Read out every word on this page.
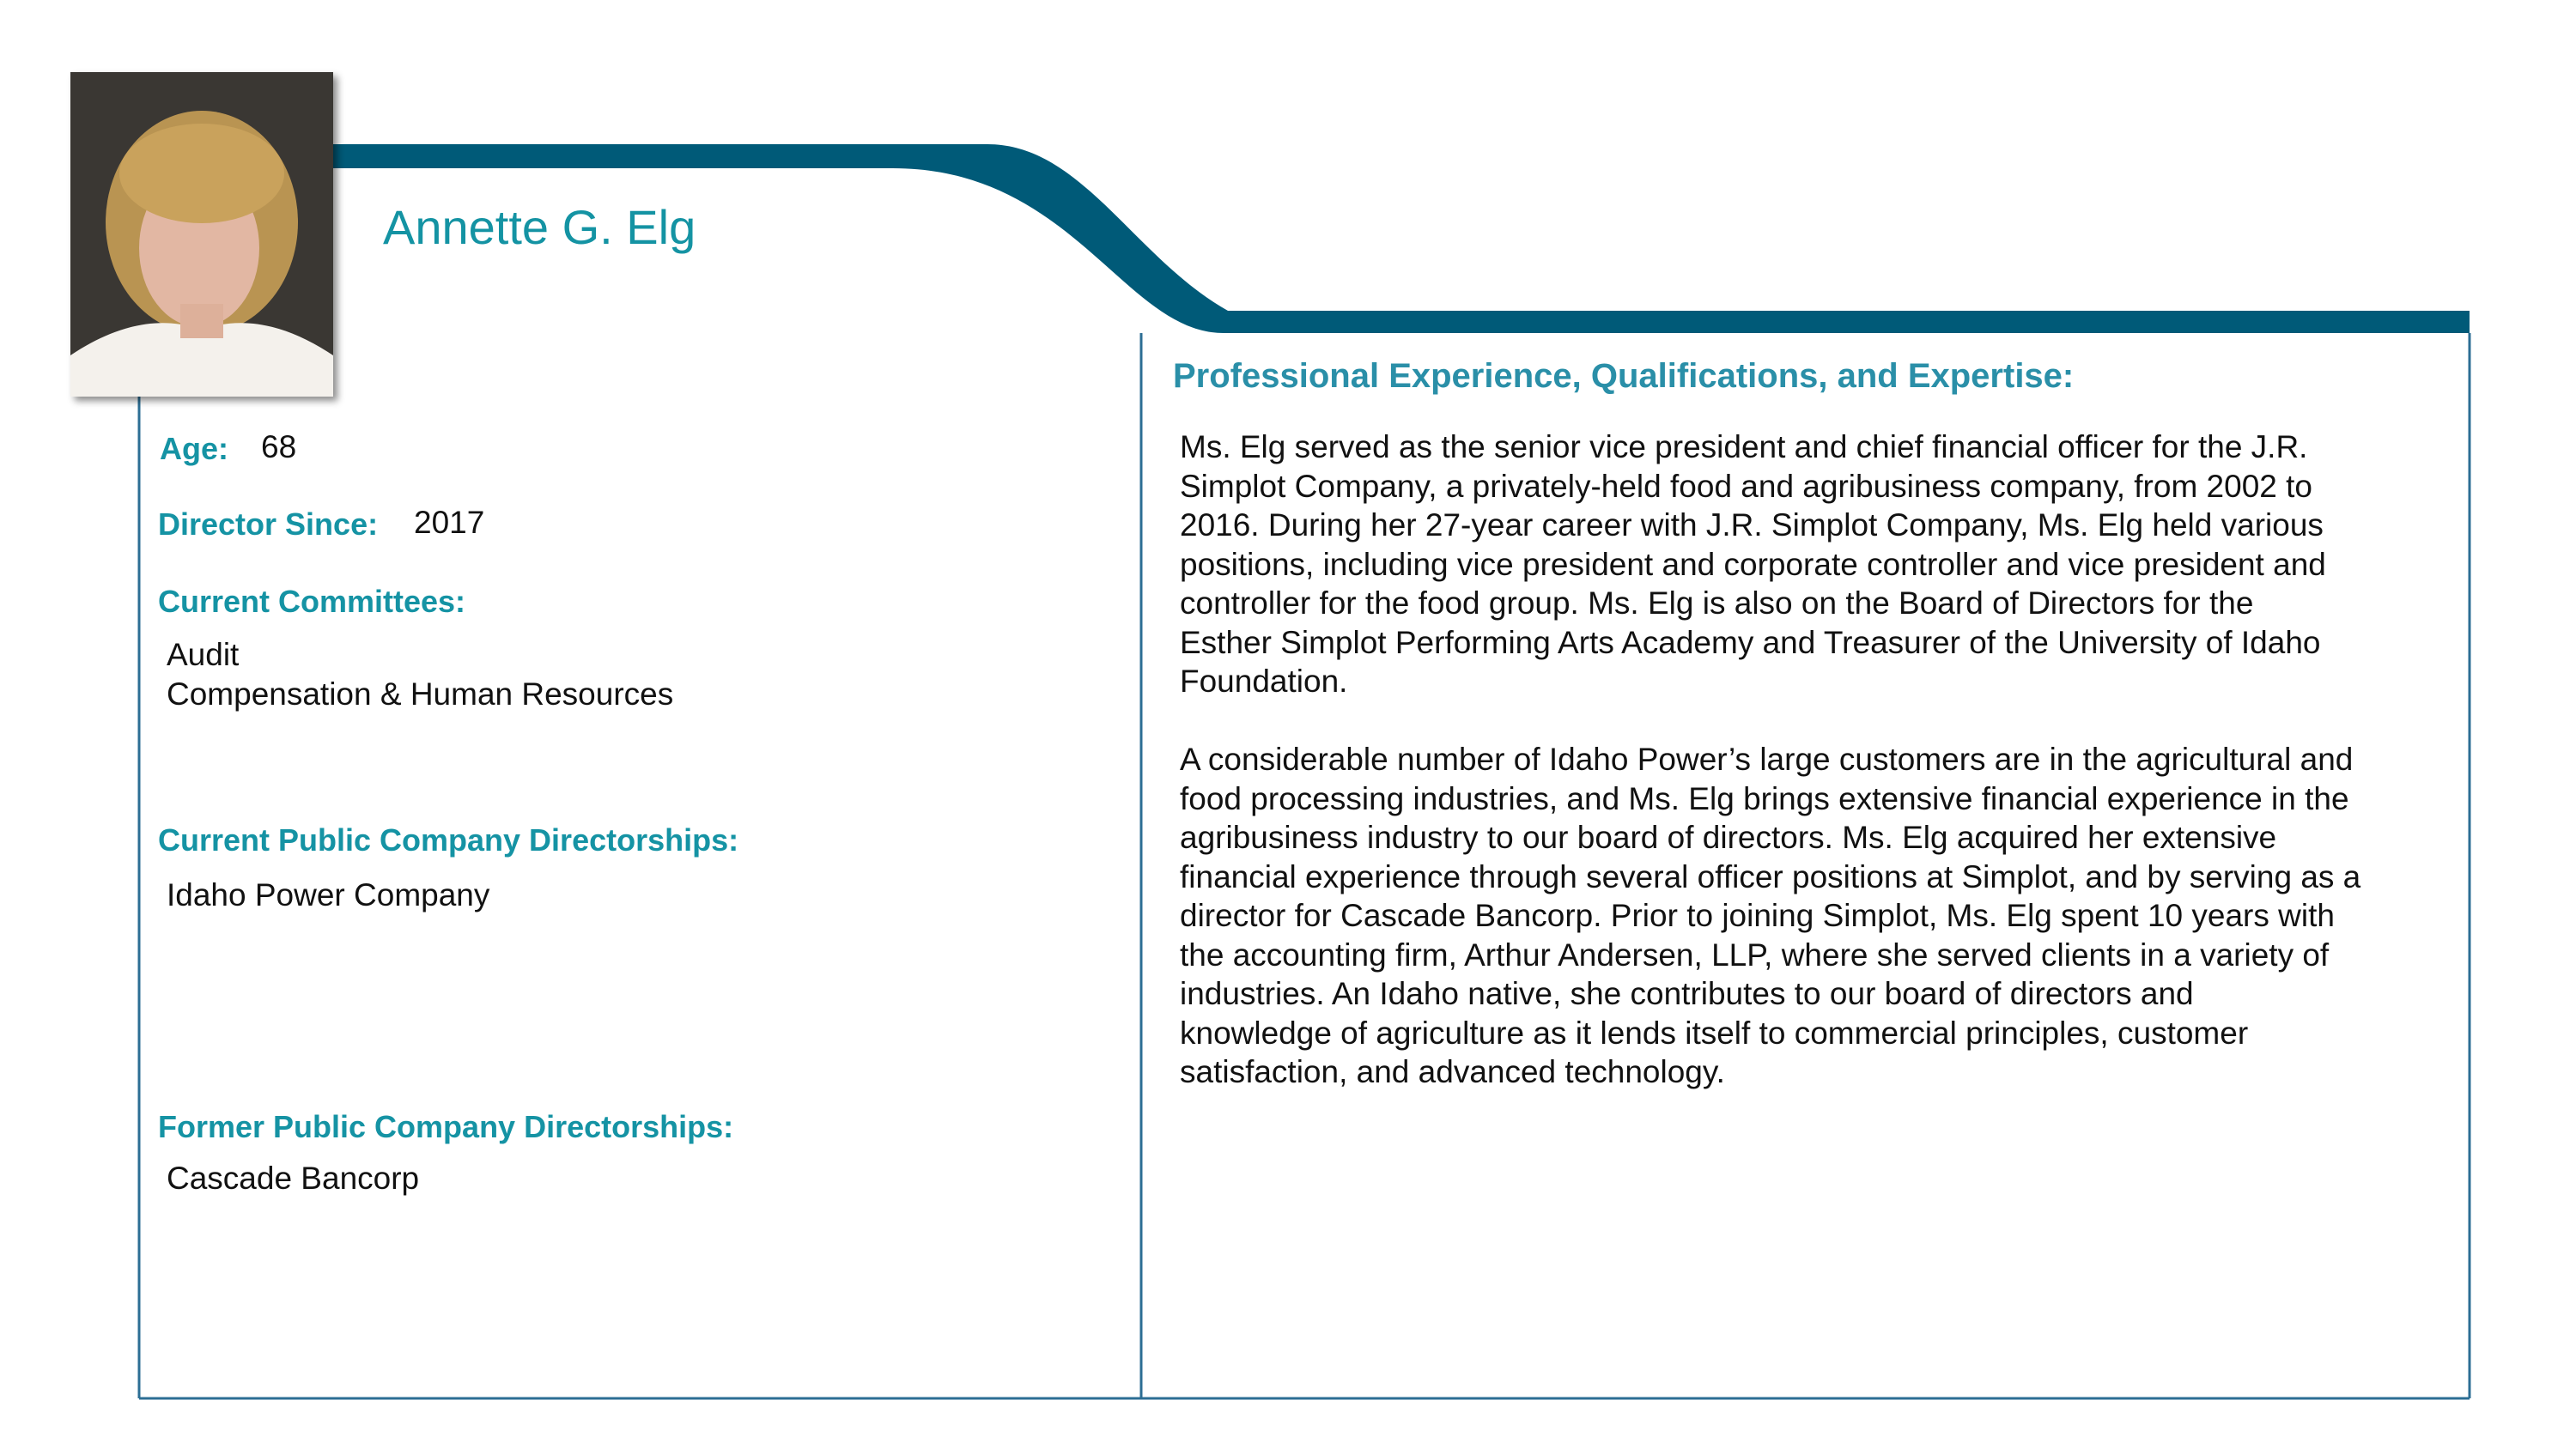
Annette G. Elg
Age: 68
Director Since: 2017
Current Committees:
Audit
Compensation & Human Resources
Current Public Company Directorships:
Idaho Power Company
Former Public Company Directorships:
Cascade Bancorp
Professional Experience, Qualifications, and Expertise:

Ms. Elg served as the senior vice president and chief financial officer for the J.R.

Simplot Company, a privately-held food and agribusiness company, from 2002 to

2016. During her 27-year career with J.R. Simplot Company, Ms. Elg held various

positions, including vice president and corporate controller and vice president and

controller for the food group. Ms. Elg is also on the Board of Directors for the

Esther Simplot Performing Arts Academy and Treasurer of the University of Idaho

Foundation.

A considerable number of Idaho Power’s large customers are in the agricultural and

food processing industries, and Ms. Elg brings extensive financial experience in the

agribusiness industry to our board of directors. Ms. Elg acquired her extensive

financial experience through several officer positions at Simplot, and by serving as a

director for Cascade Bancorp. Prior to joining Simplot, Ms. Elg spent 10 years with

the accounting firm, Arthur Andersen, LLP, where she served clients in a variety of

industries. An Idaho native, she contributes to our board of directors and

knowledge of agriculture as it lends itself to commercial principles, customer

satisfaction, and advanced technology.
